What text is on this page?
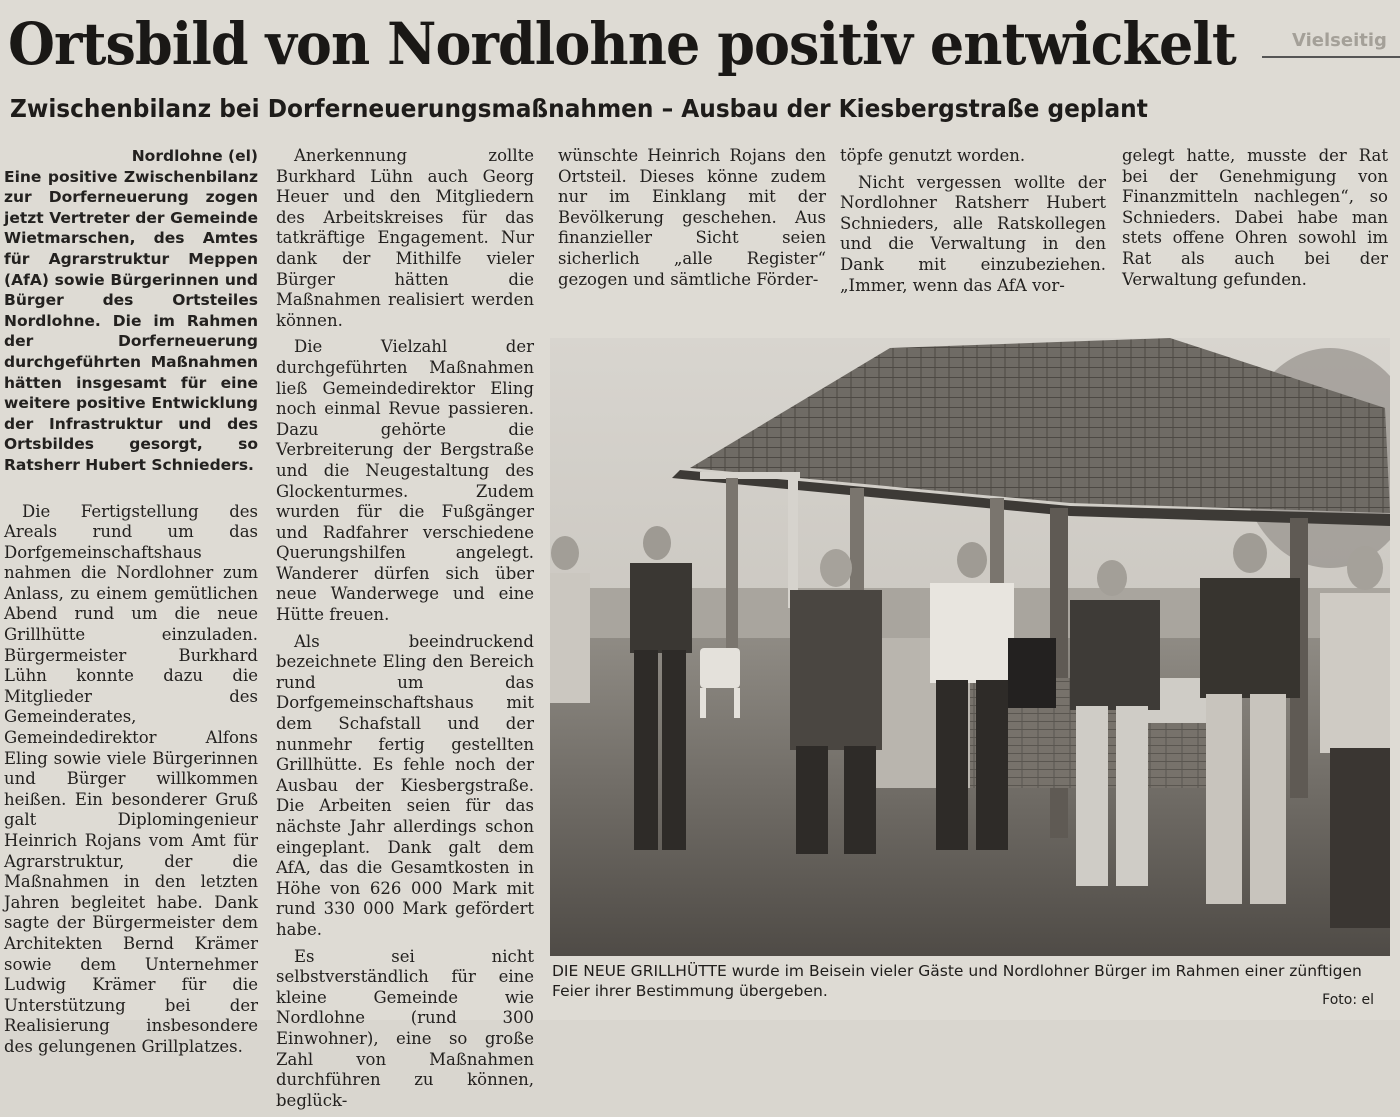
Ortsbild von Nordlohne positiv entwickelt
Zwischenbilanz bei Dorferneuerungsmaßnahmen – Ausbau der Kiesbergstraße geplant
Vielseitig
Nordlohne (el)
Eine positive Zwischenbilanz zur Dorferneuerung zogen jetzt Vertreter der Gemeinde Wietmarschen, des Amtes für Agrarstruktur Meppen (AfA) sowie Bürgerinnen und Bürger des Ortsteiles Nordlohne. Die im Rahmen der Dorferneuerung durchgeführten Maßnahmen hätten insgesamt für eine weitere positive Entwicklung der Infrastruktur und des Ortsbildes gesorgt, so Ratsherr Hubert Schnieders.

Die Fertigstellung des Areals rund um das Dorfgemeinschaftshaus nahmen die Nordlohner zum Anlass, zu einem gemütlichen Abend rund um die neue Grillhütte einzuladen. Bürgermeister Burkhard Lühn konnte dazu die Mitglieder des Gemeinderates, Gemeindedirektor Alfons Eling sowie viele Bürgerinnen und Bürger willkommen heißen. Ein besonderer Gruß galt Diplomingenieur Heinrich Rojans vom Amt für Agrarstruktur, der die Maßnahmen in den letzten Jahren begleitet habe. Dank sagte der Bürgermeister dem Architekten Bernd Krämer sowie dem Unternehmer Ludwig Krämer für die Unterstützung bei der Realisierung insbesondere des gelungenen Grillplatzes.

Anerkennung zollte Burkhard Lühn auch Georg Heuer und den Mitgliedern des Arbeitskreises für das tatkräftige Engagement. Nur dank der Mithilfe vieler Bürger hätten die Maßnahmen realisiert werden können.

Die Vielzahl der durchgeführten Maßnahmen ließ Gemeindedirektor Eling noch einmal Revue passieren. Dazu gehörte die Verbreiterung der Bergstraße und die Neugestaltung des Glockenturmes. Zudem wurden für die Fußgänger und Radfahrer verschiedene Querungshilfen angelegt. Wanderer dürfen sich über neue Wanderwege und eine Hütte freuen.

Als beeindruckend bezeichnete Eling den Bereich rund um das Dorfgemeinschaftshaus mit dem Schafstall und der nunmehr fertig gestellten Grillhütte. Es fehle noch der Ausbau der Kiesbergstraße. Die Arbeiten seien für das nächste Jahr allerdings schon eingeplant. Dank galt dem AfA, das die Gesamtkosten in Höhe von 626 000 Mark mit rund 330 000 Mark gefördert habe.

Es sei nicht selbstverständlich für eine kleine Gemeinde wie Nordlohne (rund 300 Einwohner), eine so große Zahl von Maßnahmen durchführen zu können, beglück-

wünschte Heinrich Rojans den Ortsteil. Dieses könne zudem nur im Einklang mit der Bevölkerung geschehen. Aus finanzieller Sicht seien sicherlich „alle Register“ gezogen und sämtliche Förder-

töpfe genutzt worden.

Nicht vergessen wollte der Nordlohner Ratsherr Hubert Schnieders, alle Ratskollegen und die Verwaltung in den Dank mit einzubeziehen. „Immer, wenn das AfA vor-

gelegt hatte, musste der Rat bei der Genehmigung von Finanzmitteln nachlegen“, so Schnieders. Dabei habe man stets offene Ohren sowohl im Rat als auch bei der Verwaltung gefunden.

DIE NEUE GRILLHÜTTE wurde im Beisein vieler Gäste und Nordlohner Bürger im Rahmen einer zünftigen Feier ihrer Bestimmung übergeben.	Foto: el
